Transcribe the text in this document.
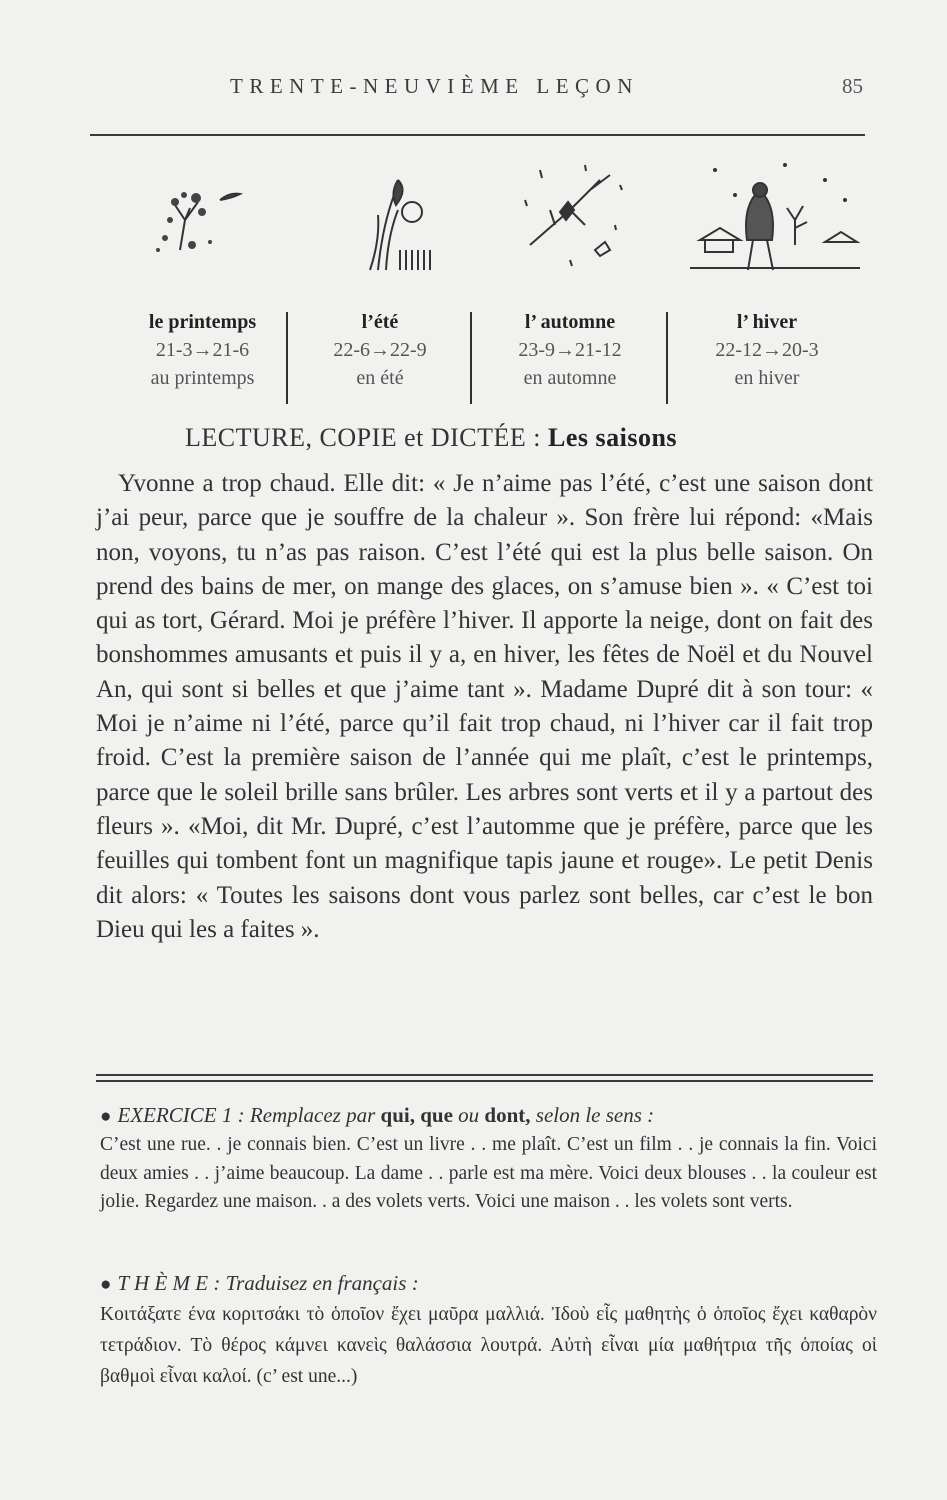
TRENTE-NEUVIÈME LEÇON	85
le printemps
21-3→21-6
au printemps
l’été
22-6→22-9
en été
l’ automne
23-9→21-12
en automne
l’ hiver
22-12→20-3
en hiver
LECTURE, COPIE et DICTÉE : Les saisons
Yvonne a trop chaud. Elle dit: « Je n’aime pas l’été, c’est une saison dont j’ai peur, parce que je souffre de la chaleur ». Son frère lui répond: «Mais non, voyons, tu n’as pas raison. C’est l’été qui est la plus belle saison. On prend des bains de mer, on mange des glaces, on s’amuse bien ». « C’est toi qui as tort, Gérard. Moi je préfère l’hiver. Il apporte la neige, dont on fait des bonshommes amusants et puis il y a, en hiver, les fêtes de Noël et du Nouvel An, qui sont si belles et que j’aime tant ». Madame Dupré dit à son tour: « Moi je n’aime ni l’été, parce qu’il fait trop chaud, ni l’hiver car il fait trop froid. C’est la première saison de l’année qui me plaît, c’est le printemps, parce que le soleil brille sans brûler. Les arbres sont verts et il y a partout des fleurs ». «Moi, dit Mr. Dupré, c’est l’automme que je préfère, parce que les feuilles qui tombent font un magnifique tapis jaune et rouge». Le petit Denis dit alors: « Toutes les saisons dont vous parlez sont belles, car c’est le bon Dieu qui les a faites ».
● EXERCICE 1 : Remplacez par qui, que ou dont, selon le sens :
C’est une rue. . je connais bien. C’est un livre . . me plaît. C’est un film . . je connais la fin. Voici deux amies . . j’aime beaucoup. La dame . . parle est ma mère. Voici deux blouses . . la couleur est jolie. Regardez une maison. . a des volets verts. Voici une maison . . les volets sont verts.
● T H È M E : Traduisez en français :
Κοιτάξατε ένα κοριτσάκι τὸ ὁποῖον ἔχει μαῦρα μαλλιά. Ἰδοὺ εἷς μαθητὴς ὁ ὁποῖος ἔχει καθαρὸν τετράδιον. Τὸ θέρος κάμνει κανεὶς θαλάσσια λουτρά. Αὐτὴ εἶναι μία μαθήτρια τῆς ὁποίας οἱ βαθμοὶ εἶναι καλοί. (c’ est une...)
